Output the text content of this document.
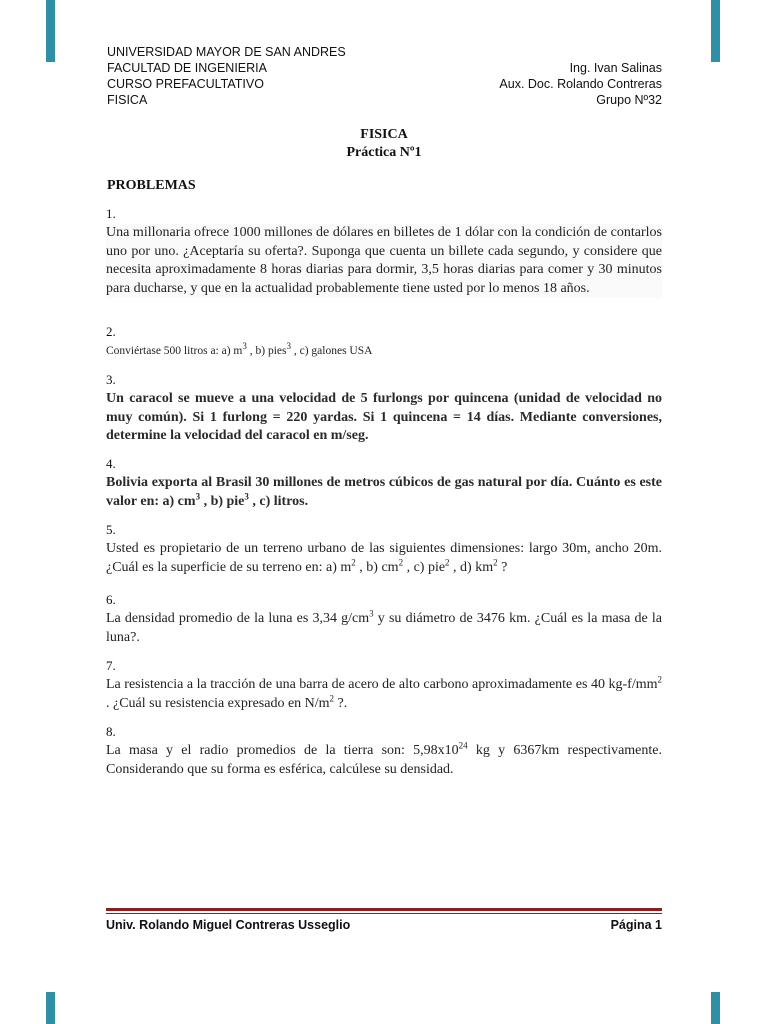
UNIVERSIDAD MAYOR DE SAN ANDRES
FACULTAD DE INGENIERIA
CURSO PREFACULTATIVO
FISICA
Ing. Ivan Salinas
Aux. Doc. Rolando Contreras
Grupo Nº32
FISICA
Práctica Nº1
PROBLEMAS
1.
Una millonaria ofrece 1000 millones de dólares en billetes de 1 dólar con la condición de contarlos uno por uno. ¿Aceptaría su oferta?. Suponga que cuenta un billete cada segundo, y considere que necesita aproximadamente 8 horas diarias para dormir, 3,5 horas diarias para comer y 30 minutos para ducharse, y que en la actualidad probablemente tiene usted por lo menos 18 años.
2.
Conviértase 500 litros a: a) $m^3$ , b) pies$^3$ , c) galones USA
3.
Un caracol se mueve a una velocidad de 5 furlongs por quincena (unidad de velocidad no muy común). Si 1 furlong = 220 yardas. Si 1 quincena = 14 días. Mediante conversiones, determine la velocidad del caracol en m/seg.
4.
Bolivia exporta al Brasil 30 millones de metros cúbicos de gas natural por día. Cuánto es este valor en: a) $cm^3$ , b) pie$^3$ , c) litros.
5.
Usted es propietario de un terreno urbano de las siguientes dimensiones: largo 30m, ancho 20m. ¿Cuál es la superficie de su terreno en: a) $m^2$ , b) $cm^2$ , c) pie$^2$ , d) $km^2$ ?
6.
La densidad promedio de la luna es 3,34 $g/cm^3$ y su diámetro de 3476 km. ¿Cuál es la masa de la luna?.
7.
La resistencia a la tracción de una barra de acero de alto carbono aproximadamente es 40 $kg-f/mm^2$ . ¿Cuál su resistencia expresado en $N/m^2$ ?.
8.
La masa y el radio promedios de la tierra son: $5,98x10^{24}$ kg y 6367km respectivamente. Considerando que su forma es esférica, calcúlese su densidad.
Univ. Rolando Miguel Contreras Usseglio	Página 1
